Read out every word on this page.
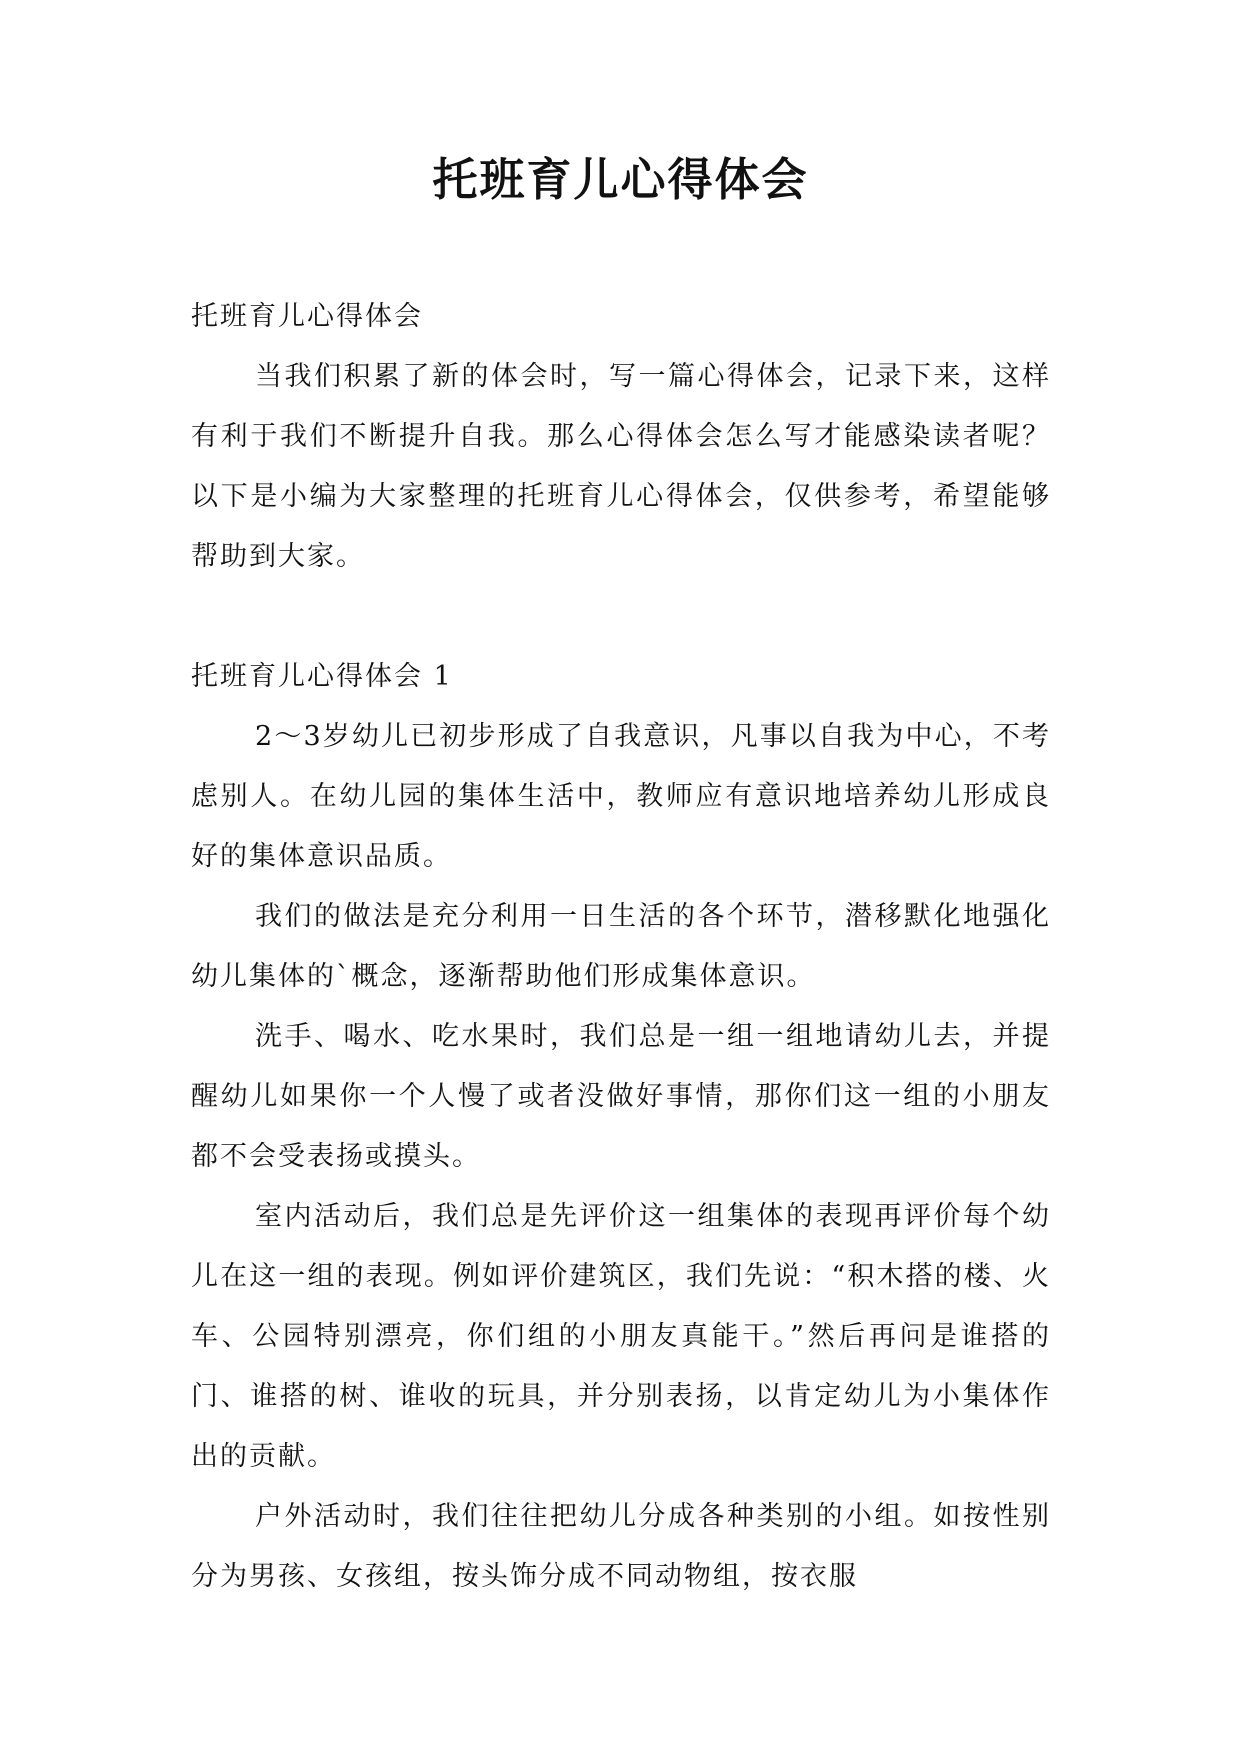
托班育儿心得体会

托班育儿心得体会

当我们积累了新的体会时，写一篇心得体会，记录下来，这样有利于我们不断提升自我。那么心得体会怎么写才能感染读者呢？以下是小编为大家整理的托班育儿心得体会，仅供参考，希望能够帮助到大家。

托班育儿心得体会 1

2～3岁幼儿已初步形成了自我意识，凡事以自我为中心，不考虑别人。在幼儿园的集体生活中，教师应有意识地培养幼儿形成良好的集体意识品质。

我们的做法是充分利用一日生活的各个环节，潜移默化地强化幼儿集体的`概念，逐渐帮助他们形成集体意识。

洗手、喝水、吃水果时，我们总是一组一组地请幼儿去，并提醒幼儿如果你一个人慢了或者没做好事情，那你们这一组的小朋友都不会受表扬或摸头。

室内活动后，我们总是先评价这一组集体的表现再评价每个幼儿在这一组的表现。例如评价建筑区，我们先说：“积木搭的楼、火车、公园特别漂亮，你们组的小朋友真能干。”然后再问是谁搭的门、谁搭的树、谁收的玩具，并分别表扬，以肯定幼儿为小集体作出的贡献。

户外活动时，我们往往把幼儿分成各种类别的小组。如按性别分为男孩、女孩组，按头饰分成不同动物组，按衣服
